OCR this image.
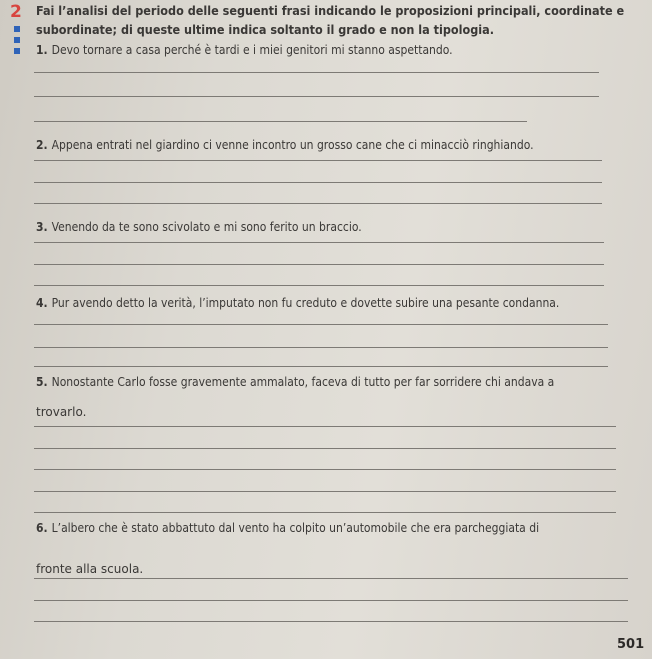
2 Fai l’analisi del periodo delle seguenti frasi indicando le proposizioni principali, coordinate e
subordinate; di queste ultime indica soltanto il grado e non la tipologia.
1. Devo tornare a casa perché è tardi e i miei genitori mi stanno aspettando.
2. Appena entrati nel giardino ci venne incontro un grosso cane che ci minacciò ringhiando.
3. Venendo da te sono scivolato e mi sono ferito un braccio.
4. Pur avendo detto la verità, l’imputato non fu creduto e dovette subire una pesante condanna.
5. Nonostante Carlo fosse gravemente ammalato, faceva di tutto per far sorridere chi andava a
trovarlo.
6. L’albero che è stato abbattuto dal vento ha colpito un’automobile che era parcheggiata di
fronte alla scuola.
501
